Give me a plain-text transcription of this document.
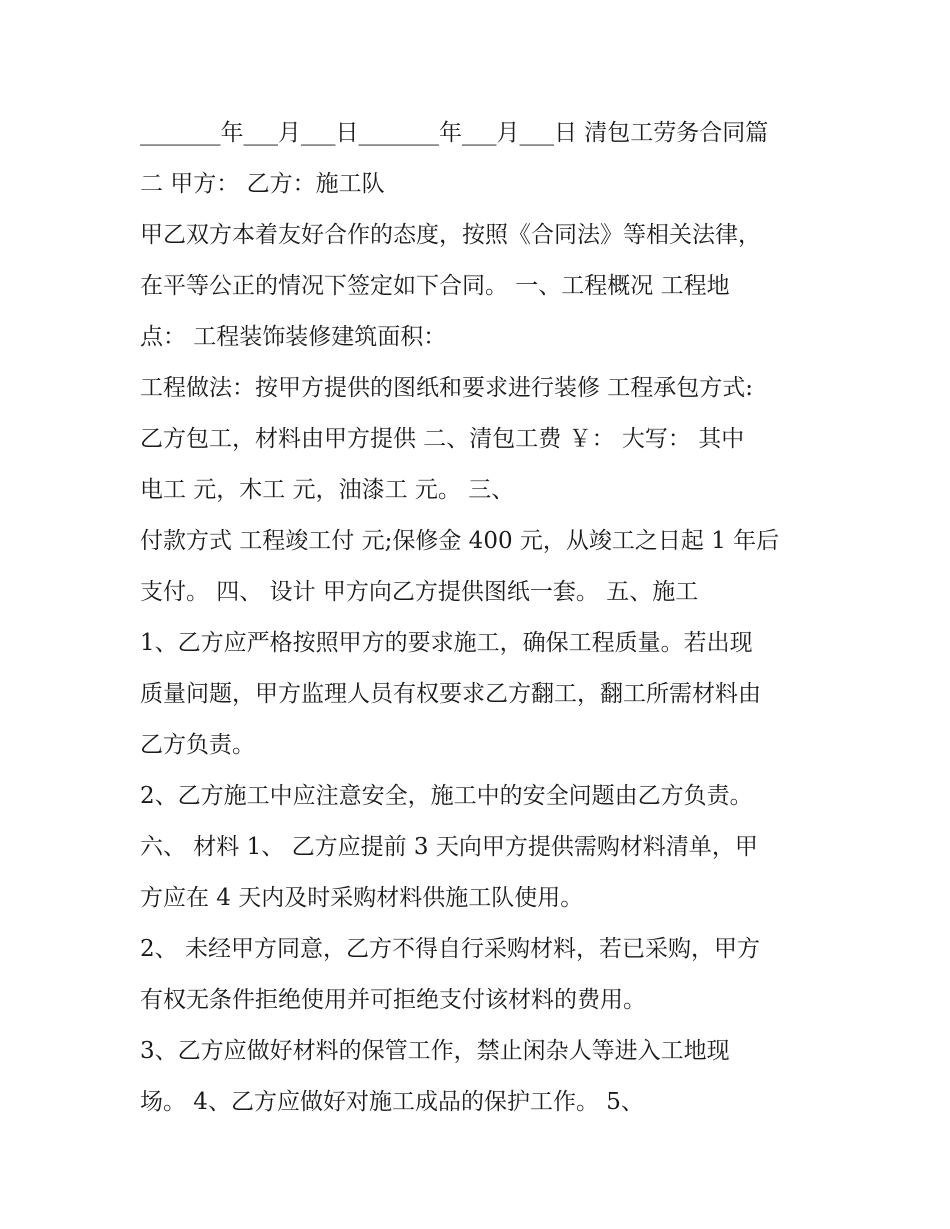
_______年___月___日_______年___月___日 清包工劳务合同篇
二 甲方： 乙方：施工队
甲乙双方本着友好合作的态度，按照《合同法》等相关法律，
在平等公正的情况下签定如下合同。 一、工程概况 工程地
点： 工程装饰装修建筑面积：
工程做法：按甲方提供的图纸和要求进行装修 工程承包方式:
乙方包工，材料由甲方提供 二、清包工费 ￥： 大写： 其中
电工 元，木工 元，油漆工 元。 三、
付款方式 工程竣工付 元;保修金 400 元，从竣工之日起 1 年后
支付。 四、 设计 甲方向乙方提供图纸一套。 五、施工
1、乙方应严格按照甲方的要求施工，确保工程质量。若出现
质量问题，甲方监理人员有权要求乙方翻工，翻工所需材料由
乙方负责。
2、乙方施工中应注意安全，施工中的安全问题由乙方负责。
六、 材料 1、 乙方应提前 3 天向甲方提供需购材料清单，甲
方应在 4 天内及时采购材料供施工队使用。
2、 未经甲方同意，乙方不得自行采购材料，若已采购，甲方
有权无条件拒绝使用并可拒绝支付该材料的费用。
3、乙方应做好材料的保管工作，禁止闲杂人等进入工地现
场。 4、乙方应做好对施工成品的保护工作。 5、
